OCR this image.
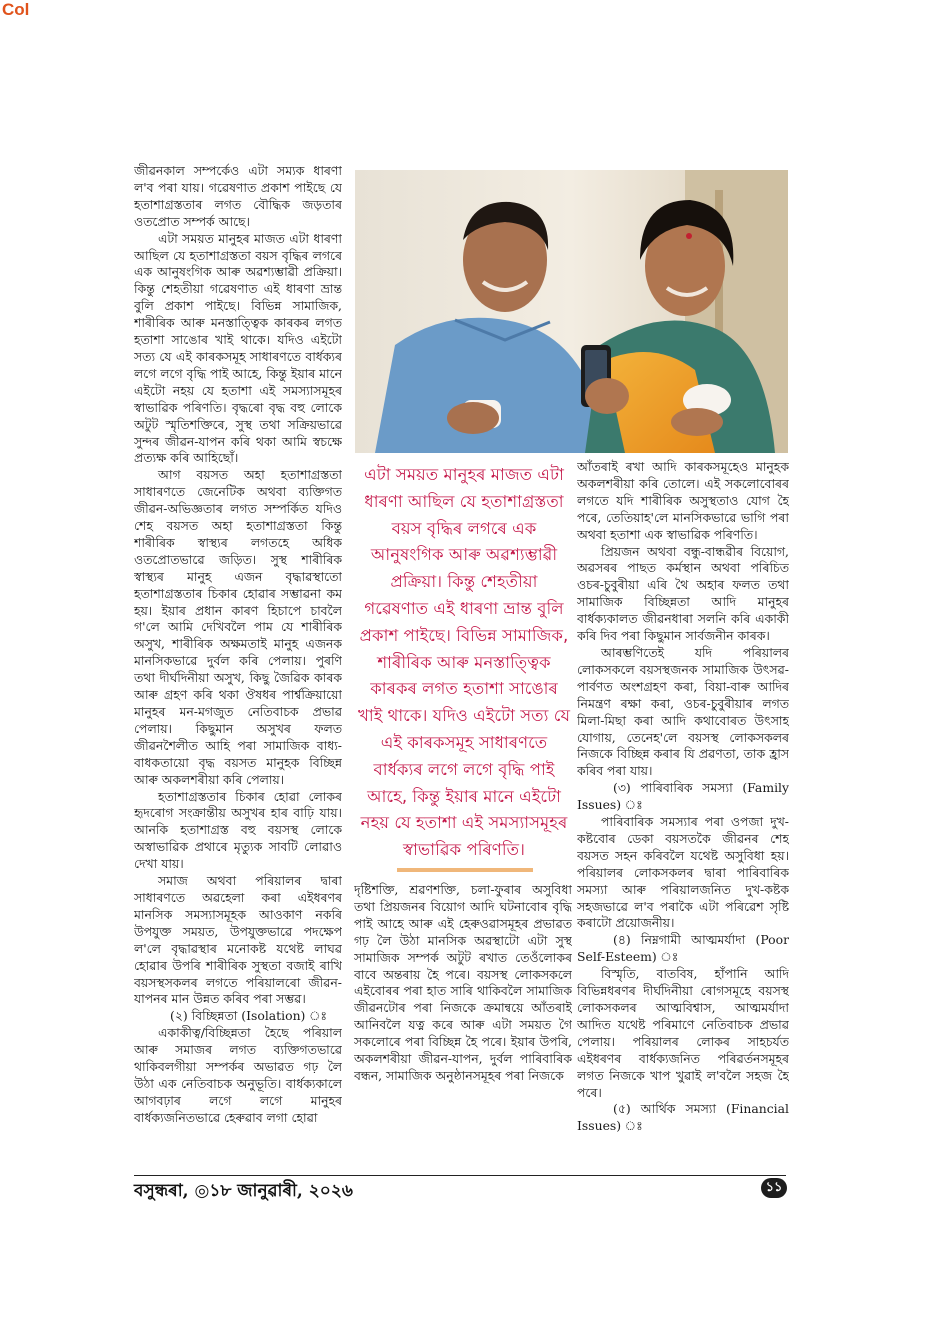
Col

জীৱনকাল সম্পৰ্কেও এটা সম্যক ধাৰণা ল'ব পৰা যায়। গৱেষণাত প্ৰকাশ পাইছে যে হতাশাগ্ৰস্ততাৰ লগত বৌদ্ধিক জড়তাৰ ওতপ্ৰোত সম্পৰ্ক আছে।

এটা সময়ত মানুহৰ মাজত এটা ধাৰণা আছিল যে হতাশাগ্ৰস্ততা বয়স বৃদ্ধিৰ লগৰে এক আনুষংগিক আৰু অৱশ্যম্ভাৱী প্ৰক্ৰিয়া। কিন্তু শেহতীয়া গৱেষণাত এই ধাৰণা ভ্ৰান্ত বুলি প্ৰকাশ পাইছে। বিভিন্ন সামাজিক, শাৰীৰিক আৰু মনস্তাত্ত্বিক কাৰকৰ লগত হতাশা সাঙোৰ খাই থাকে। যদিও এইটো সত্য যে এই কাৰকসমূহ সাধাৰণতে বাৰ্ধক্যৰ লগে লগে বৃদ্ধি পাই আহে, কিন্তু ইয়াৰ মানে এইটো নহয় যে হতাশা এই সমস্যাসমূহৰ স্বাভাৱিক পৰিণতি। বৃদ্ধৰো বৃদ্ধ বহু লোকে অটুট স্মৃতিশক্তিৰে, সুস্থ তথা সক্ৰিয়ভাৱে সুন্দৰ জীৱন-যাপন কৰি থকা আমি স্বচক্ষে প্ৰত্যক্ষ কৰি আহিছোঁ।

আগ বয়সত অহা হতাশাগ্ৰস্ততা সাধাৰণতে জেনেটিক অথবা ব্যক্তিগত জীৱন-অভিজ্ঞতাৰ লগত সম্পৰ্কিত যদিও শেহ বয়সত অহা হতাশাগ্ৰস্ততা কিন্তু শাৰীৰিক স্বাস্থ্যৰ লগতহে অধিক ওতপ্ৰোতভাৱে জড়িত। সুস্থ শাৰীৰিক স্বাস্থ্যৰ মানুহ এজন বৃদ্ধাৱস্থাতো হতাশাগ্ৰস্ততাৰ চিকাৰ হোৱাৰ সম্ভাৱনা কম হয়। ইয়াৰ প্ৰধান কাৰণ হিচাপে চাবলৈ গ'লে আমি দেখিবলৈ পাম যে শাৰীৰিক অসুখ, শাৰীৰিক অক্ষমতাই মানুহ এজনক মানসিকভাৱে দুৰ্বল কৰি পেলায়। পুৰণি তথা দীৰ্ঘদিনীয়া অসুখ, কিছু জৈৱিক কাৰক আৰু গ্ৰহণ কৰি থকা ঔষধৰ পাৰ্শ্বক্ৰিয়ায়ো মানুহৰ মন-মগজুত নেতিবাচক প্ৰভাৱ পেলায়। কিছুমান অসুখৰ ফলত জীৱনশৈলীত আহি পৰা সামাজিক বাধ্য-বাধকতায়ো বৃদ্ধ বয়সত মানুহক বিচ্ছিন্ন আৰু অকলশৰীয়া কৰি পেলায়।

হতাশাগ্ৰস্ততাৰ চিকাৰ হোৱা লোকৰ হৃদৰোগ সংক্ৰান্তীয় অসুখৰ হাৰ বাঢ়ি যায়। আনকি হতাশাগ্ৰস্ত বহু বয়সস্থ লোকে অস্বাভাৱিক প্ৰথাৰে মৃত্যুক সাবটি লোৱাও দেখা যায়।

সমাজ অথবা পৰিয়ালৰ দ্বাৰা সাধাৰণতে অৱহেলা কৰা এইধৰণৰ মানসিক সমস্যাসমূহক আওকাণ নকৰি উপযুক্ত সময়ত, উপযুক্তভাৱে পদক্ষেপ ল'লে বৃদ্ধাৱস্থাৰ মনোকষ্ট যথেষ্ট লাঘৱ হোৱাৰ উপৰি শাৰীৰিক সুস্থতা বজাই ৰাখি বয়সস্থসকলৰ লগতে পৰিয়ালৰো জীৱন-যাপনৰ মান উন্নত কৰিব পৰা সম্ভৱ।

(২) বিচ্ছিন্নতা (Isolation) ঃ

একাকীত্ব/বিচ্ছিন্নতা হৈছে পৰিয়াল আৰু সমাজৰ লগত ব্যক্তিগতভাৱে থাকিবলগীয়া সম্পৰ্কৰ অভাৱত গঢ় লৈ উঠা এক নেতিবাচক অনুভূতি। বাৰ্ধক্যকালে আগবঢ়াৰ লগে লগে মানুহৰ বাৰ্ধক্যজনিতভাৱে হেৰুৱাব লগা হোৱা

এটা সময়ত মানুহৰ মাজত এটা ধাৰণা আছিল যে হতাশাগ্ৰস্ততা বয়স বৃদ্ধিৰ লগৰে এক আনুষংগিক আৰু অৱশ্যম্ভাৱী প্ৰক্ৰিয়া। কিন্তু শেহতীয়া গৱেষণাত এই ধাৰণা ভ্ৰান্ত বুলি প্ৰকাশ পাইছে। বিভিন্ন সামাজিক, শাৰীৰিক আৰু মনস্তাত্ত্বিক কাৰকৰ লগত হতাশা সাঙোৰ খাই থাকে। যদিও এইটো সত্য যে এই কাৰকসমূহ সাধাৰণতে বাৰ্ধক্যৰ লগে লগে বৃদ্ধি পাই আহে, কিন্তু ইয়াৰ মানে এইটো নহয় যে হতাশা এই সমস্যাসমূহৰ স্বাভাৱিক পৰিণতি।

দৃষ্টিশক্তি, শ্ৰৱণশক্তি, চলা-ফুৰাৰ অসুবিধা তথা প্ৰিয়জনৰ বিয়োগ আদি ঘটনাবোৰ বৃদ্ধি পাই আহে আৰু এই হেৰুওৱাসমূহৰ প্ৰভাৱত গঢ় লৈ উঠা মানসিক অৱস্থাটো এটা সুস্থ সামাজিক সম্পৰ্ক অটুট ৰখাত তেওঁলোকৰ বাবে অন্তৰায় হৈ পৰে। বয়সস্থ লোকসকলে এইবোৰৰ পৰা হাত সাৰি থাকিবলৈ সামাজিক জীৱনটোৰ পৰা নিজকে ক্ৰমান্বয়ে আঁতৰাই আনিবলৈ যত্ন কৰে আৰু এটা সময়ত গৈ সকলোৰে পৰা বিচ্ছিন্ন হৈ পৰে। ইয়াৰ উপৰি, অকলশৰীয়া জীৱন-যাপন, দুৰ্বল পাৰিবাৰিক বন্ধন, সামাজিক অনুষ্ঠানসমূহৰ পৰা নিজকে

আঁতৰাই ৰখা আদি কাৰকসমূহেও মানুহক অকলশৰীয়া কৰি তোলে। এই সকলোবোৰৰ লগতে যদি শাৰীৰিক অসুস্থতাও যোগ হৈ পৰে, তেতিয়াহ'লে মানসিকভাৱে ভাগি পৰা অথবা হতাশা এক স্বাভাৱিক পৰিণতি।

প্ৰিয়জন অথবা বন্ধু-বান্ধৱীৰ বিয়োগ, অৱসৰৰ পাছত কৰ্মস্থান অথবা পৰিচিত ওচৰ-চুবুৰীয়া এৰি থৈ অহাৰ ফলত তথা সামাজিক বিচ্ছিন্নতা আদি মানুহৰ বাৰ্ধক্যকালত জীৱনধাৰা সলনি কৰি একাকী কৰি দিব পৰা কিছুমান সাৰ্বজনীন কাৰক।

আৰম্ভণিতেই যদি পৰিয়ালৰ লোকসকলে বয়সস্থজনক সামাজিক উৎসৱ-পাৰ্বণত অংশগ্ৰহণ কৰা, বিয়া-বাৰু আদিৰ নিমন্ত্ৰণ ৰক্ষা কৰা, ওচৰ-চুবুৰীয়াৰ লগত মিলা-মিছা কৰা আদি কথাবোৰত উৎসাহ যোগায়, তেনেহ'লে বয়সস্থ লোকসকলৰ নিজকে বিচ্ছিন্ন কৰাৰ যি প্ৰৱণতা, তাক হ্ৰাস কৰিব পৰা যায়।

(৩) পাৰিবাৰিক সমস্যা (Family Issues) ঃ

পাৰিবাৰিক সমস্যাৰ পৰা ওপজা দুখ-কষ্টবোৰ ডেকা বয়সতকৈ জীৱনৰ শেহ বয়সত সহন কৰিবলৈ যথেষ্ট অসুবিধা হয়। পৰিয়ালৰ লোকসকলৰ দ্বাৰা পাৰিবাৰিক সমস্যা আৰু পৰিয়ালজনিত দুখ-কষ্টক সহজভাৱে ল'ব পৰাকৈ এটা পৰিৱেশ সৃষ্টি কৰাটো প্ৰয়োজনীয়।

(৪) নিম্নগামী আত্মমৰ্যাদা (Poor Self-Esteem) ঃ

বিস্মৃতি, বাতবিষ, হাঁপানি আদি বিভিন্নধৰণৰ দীৰ্ঘদিনীয়া ৰোগসমূহে বয়সস্থ লোকসকলৰ আত্মবিশ্বাস, আত্মমৰ্যাদা আদিত যথেষ্ট পৰিমাণে নেতিবাচক প্ৰভাৱ পেলায়। পৰিয়ালৰ লোকৰ সাহচৰ্যত এইধৰণৰ বাৰ্ধক্যজনিত পৰিৱৰ্তনসমূহৰ লগত নিজকে খাপ খুৱাই ল'বলৈ সহজ হৈ পৰে।

(৫) আৰ্থিক সমস্যা (Financial Issues) ঃ

বসুন্ধৰা, ◎১৮ জানুৱাৰী, ২০২৬	১১
